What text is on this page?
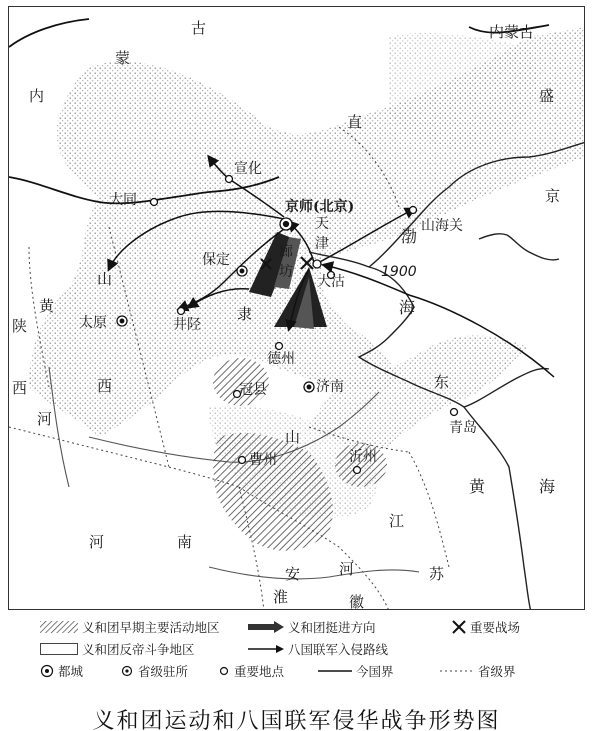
古
内
蒙
内蒙古
盛
京
直
隶
山
西
陕
西
河
黄
山
东
河	南
江
苏
安
徽
淮
河
渤
海
黄	海
宣化
大同	京师(北京)
天
津
山海关
保定	廊
坊
大沽
1900
太原	井陉
德州
冠县	济南
青岛
曹州	沂州
义和团早期主要活动地区	义和团挺进方向	重要战场
义和团反帝斗争地区	八国联军入侵路线
都城	省级驻所	重要地点	今国界	省级界
义和团运动和八国联军侵华战争形势图
